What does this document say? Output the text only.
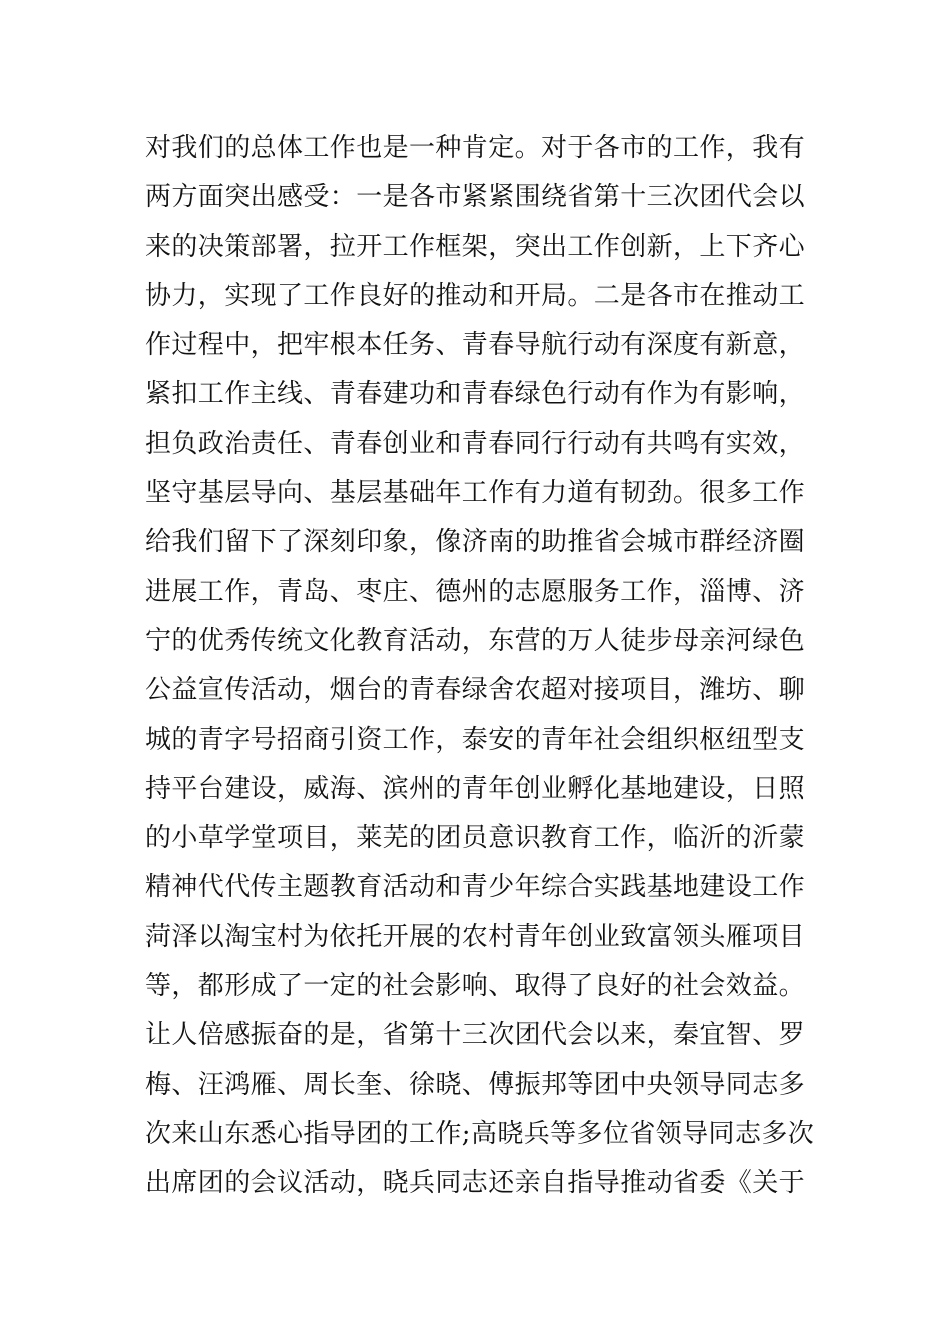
对我们的总体工作也是一种肯定。对于各市的工作，我有
两方面突出感受：一是各市紧紧围绕省第十三次团代会以
来的决策部署，拉开工作框架，突出工作创新，上下齐心
协力，实现了工作良好的推动和开局。二是各市在推动工
作过程中，把牢根本任务、青春导航行动有深度有新意，
紧扣工作主线、青春建功和青春绿色行动有作为有影响，
担负政治责任、青春创业和青春同行行动有共鸣有实效，
坚守基层导向、基层基础年工作有力道有韧劲。很多工作
给我们留下了深刻印象，像济南的助推省会城市群经济圈
进展工作，青岛、枣庄、德州的志愿服务工作，淄博、济
宁的优秀传统文化教育活动，东营的万人徒步母亲河绿色
公益宣传活动，烟台的青春绿舍农超对接项目，潍坊、聊
城的青字号招商引资工作，泰安的青年社会组织枢纽型支
持平台建设，威海、滨州的青年创业孵化基地建设，日照
的小草学堂项目，莱芜的团员意识教育工作，临沂的沂蒙
精神代代传主题教育活动和青少年综合实践基地建设工作
菏泽以淘宝村为依托开展的农村青年创业致富领头雁项目
等，都形成了一定的社会影响、取得了良好的社会效益。
让人倍感振奋的是，省第十三次团代会以来，秦宜智、罗
梅、汪鸿雁、周长奎、徐晓、傅振邦等团中央领导同志多
次来山东悉心指导团的工作;高晓兵等多位省领导同志多次
出席团的会议活动，晓兵同志还亲自指导推动省委《关于
